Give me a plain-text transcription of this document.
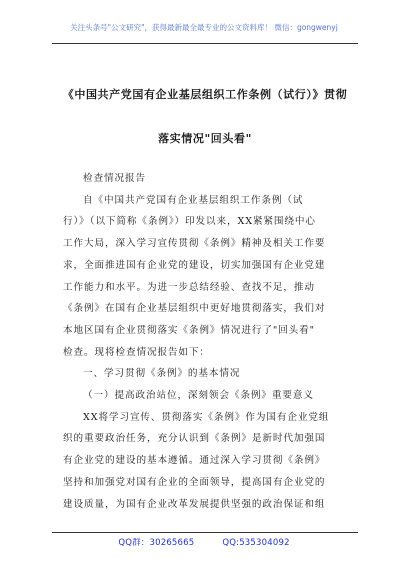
关注头条号"公文研究"，获得最新最全最专业的公文资料库！ 微信：gongwenyj
《中国共产党国有企业基层组织工作条例（试行）》贯彻
落实情况"回头看"
检查情况报告
自《中国共产党国有企业基层组织工作条例（试
行）》（以下简称《条例》）印发以来，XX紧紧围绕中心
工作大局，深入学习宣传贯彻《条例》精神及相关工作要
求，全面推进国有企业党的建设，切实加强国有企业党建
工作能力和水平。为进一步总结经验、查找不足，推动
《条例》在国有企业基层组织中更好地贯彻落实，我们对
本地区国有企业贯彻落实《条例》情况进行了"回头看"
检查。现将检查情况报告如下：
一、学习贯彻《条例》的基本情况
（一）提高政治站位，深刻领会《条例》重要意义
XX将学习宣传、贯彻落实《条例》作为国有企业党组
织的重要政治任务，充分认识到《条例》是新时代加强国
有企业党的建设的基本遵循。通过深入学习贯彻《条例》
坚持和加强党对国有企业的全面领导，提高国有企业党的
建设质量，为国有企业改革发展提供坚强的政治保证和组
QQ群：30265665	QQ:535304092
